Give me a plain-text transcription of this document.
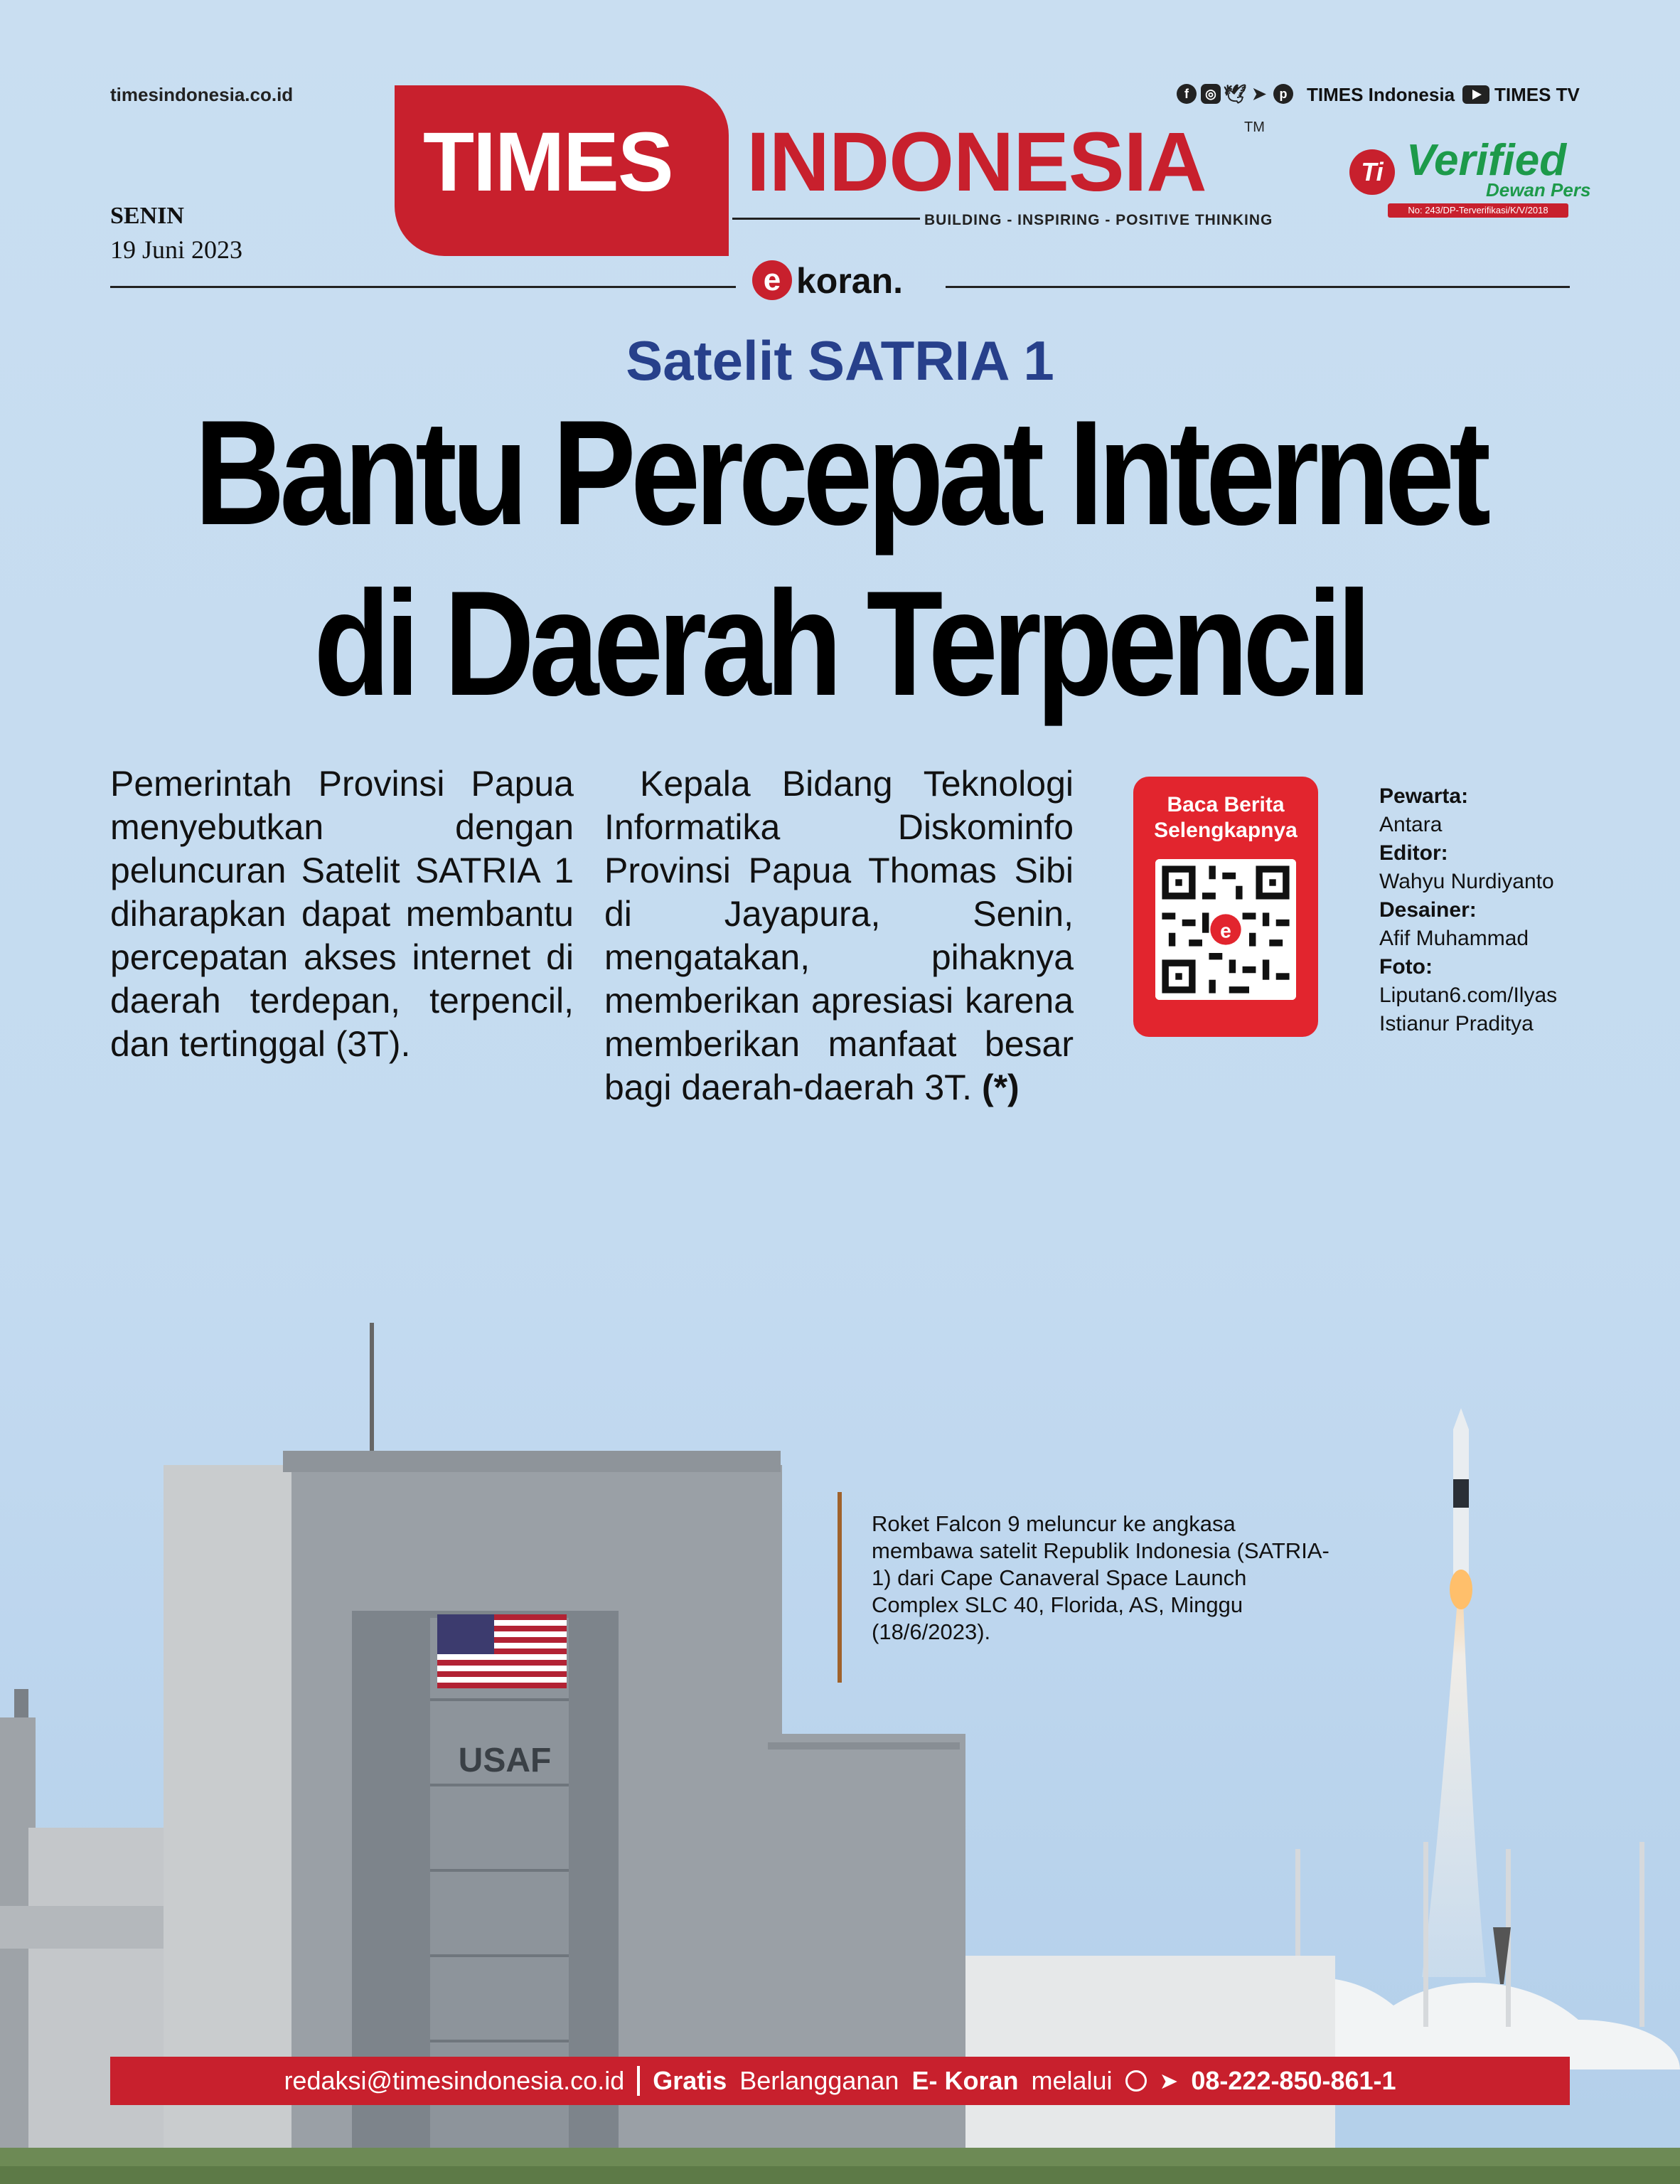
timesindonesia.co.id
SENIN
19 Juni 2023
TIMES INDONESIA	TM
BUILDING - INSPIRING - POSITIVE THINKING
f	◎ 🕊 ➤	p	TIMES Indonesia TIMES TV
Ti Verified
Dewan Pers
No: 243/DP-Terverifikasi/K/V/2018
e koran.
Satelit SATRIA 1
Bantu Percepat Internet
di Daerah Terpencil
Pemerintah Provinsi Papua menyebutkan dengan peluncuran Satelit SATRIA 1 diharapkan dapat membantu percepatan akses internet di daerah terdepan, terpencil, dan tertinggal (3T).
Kepala Bidang Teknologi Informatika Diskominfo Provinsi Papua Thomas Sibi di Jayapura, Senin, mengatakan, pihaknya memberikan apresiasi karena memberikan manfaat besar bagi daerah-daerah 3T. (*)
Baca Berita
Selengkapnya
e
Pewarta:
Antara
Editor:
Wahyu Nurdiyanto
Desainer:
Afif Muhammad
Foto:
Liputan6.com/Ilyas
Istianur Praditya
USAF
Roket Falcon 9 meluncur ke angkasa membawa satelit Republik Indonesia (SATRIA-1) dari Cape Canaveral Space Launch Complex SLC 40, Florida, AS, Minggu (18/6/2023).
redaksi@timesindonesia.co.id Gratis Berlangganan E- Koran melalui ➤ 08-222-850-861-1
